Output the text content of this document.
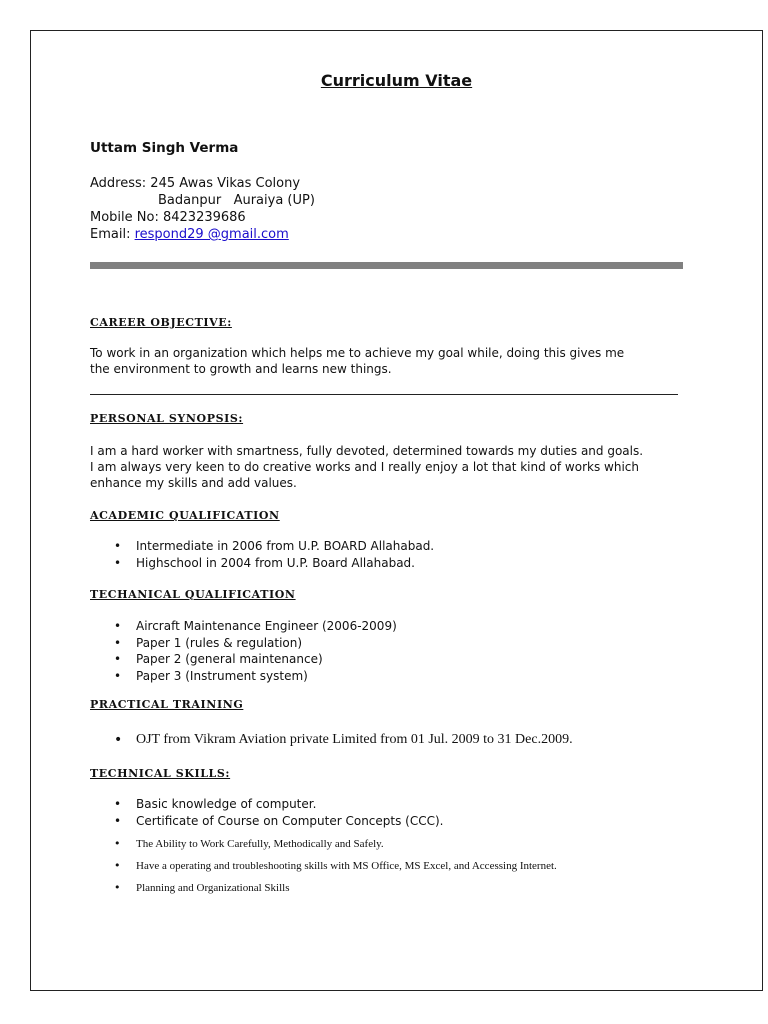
Curriculum Vitae

Uttam Singh Verma

Address: 245 Awas Vikas Colony

Badanpur   Auraiya (UP)

Mobile No: 8423239686

Email: respond29 @gmail.com

CAREER OBJECTIVE:

To work in an organization which helps me to achieve my goal while, doing this gives me

the environment to growth and learns new things.

PERSONAL SYNOPSIS:

I am a hard worker with smartness, fully devoted, determined towards my duties and goals.

I am always very keen to do creative works and I really enjoy a lot that kind of works which

enhance my skills and add values.

ACADEMIC QUALIFICATION

• Intermediate in 2006 from U.P. BOARD Allahabad.
• Highschool in 2004 from U.P. Board Allahabad.

TECHANICAL QUALIFICATION

• Aircraft Maintenance Engineer (2006-2009)
• Paper 1 (rules & regulation)
• Paper 2 (general maintenance)
• Paper 3 (Instrument system)

PRACTICAL TRAINING

• OJT from Vikram Aviation private Limited from 01 Jul. 2009 to 31 Dec.2009.

TECHNICAL SKILLS:

• Basic knowledge of computer.
• Certificate of Course on Computer Concepts (CCC).
• The Ability to Work Carefully, Methodically and Safely.
• Have a operating and troubleshooting skills with MS Office, MS Excel, and Accessing Internet.
• Planning and Organizational Skills
